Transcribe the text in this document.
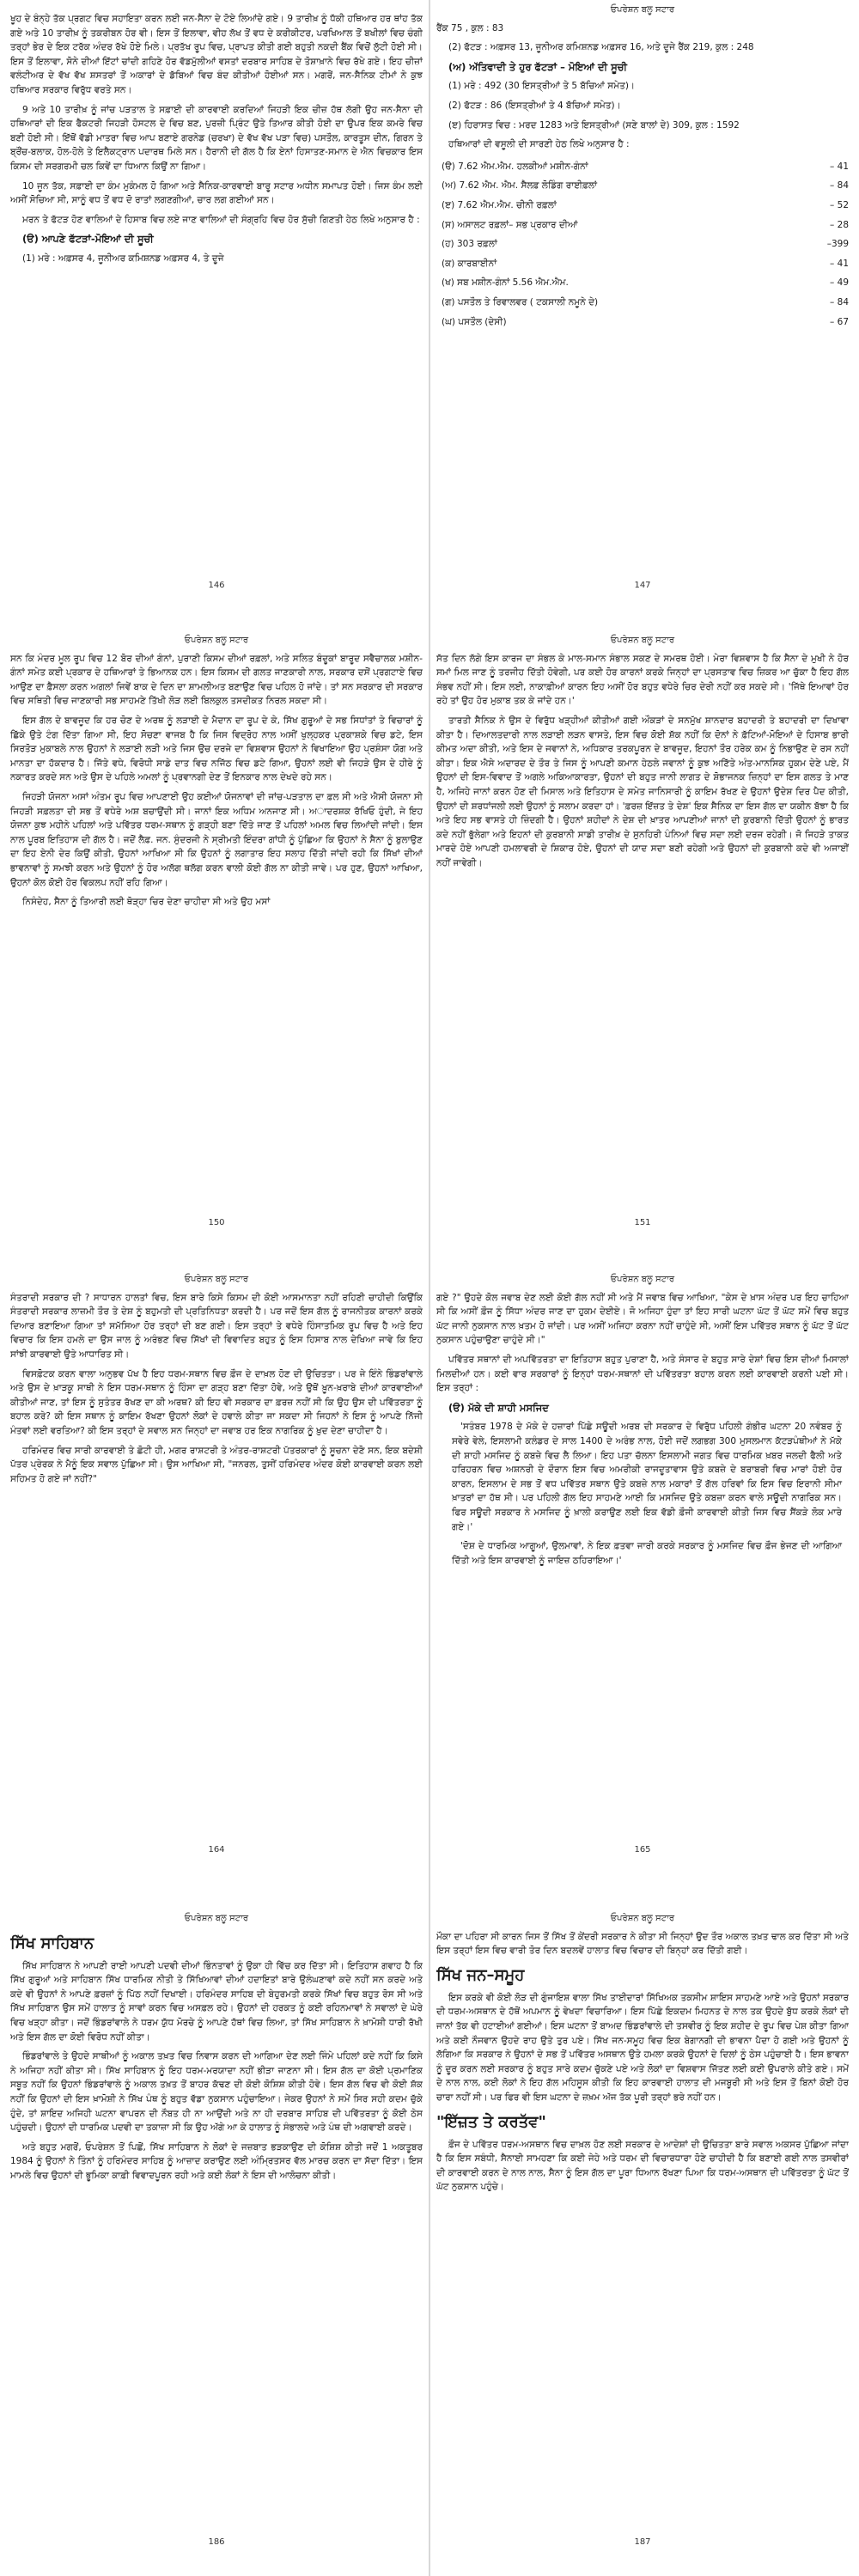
ਖੂਹ ਦੇ ਬੰਨ੍ਹੇ ਤੱਕ ਪ੍ਰਗਟ ਵਿਚ ਸਹਾਇਤਾ ਕਰਨ ਲਈ ਜਨ-ਸੈਨਾ ਦੇ ਟੋਏ ਲਿਆਂਦੇ ਗਏ। 9 ਤਾਰੀਖ਼ ਨੂੰ ਧੱਕੀ ਹਥਿਆਰ ਹਰ ਥਾਂਹ ਤੱਕ ਗਏ ਅਤੇ 10 ਤਾਰੀਖ਼ ਨੂੰ ਤਕਰੀਬਨ ਹੋਰ ਵੀ। ਇਸ ਤੋਂ ਇਲਾਵਾ, ਵੀਹ ਲੱਖ ਤੋਂ ਵਧ ਦੇ ਕਰੀਕੀਟਰ, ਪਰਖਿਆਲ ਤੋਂ ਬਖੀਲਾਂ ਵਿਚ ਚੰਗੀ ਤਰ੍ਹਾਂ ਭੇਰ ਦੇ ਇਕ ਟਰੱਕ ਅੰਦਰ ਰੱਖੇ ਹੋਏ ਮਿਲੇ। ਪ੍ਰਤੱਖ ਰੂਪ ਵਿਚ, ਪ੍ਰਾਪਤ ਕੀਤੀ ਗਈ ਬਹੁਤੀ ਨਕਦੀ ਬੈਂਕ ਵਿਚੋਂ ਲੁੱਟੀ ਹੋਈ ਸੀ। ਇਸ ਤੋਂ ਇਲਾਵਾ, ਸੋਨੇ ਦੀਆਂ ਇੱਟਾਂ ਚਾਂਦੀ ਗਹਿਣੇ ਹੋਰ ਵੱਡਮੁੱਲੀਆਂ ਵਸਤਾਂ ਦਰਬਾਰ ਸਾਹਿਬ ਦੇ ਤੋਸ਼ਾਖ਼ਾਨੇ ਵਿਚ ਰੱਖੇ ਗਏ। ਇਹ ਚੀਜ਼ਾਂ ਵਲੰਟੀਅਰ ਦੇ ਵੱਖ ਵੱਖ ਸ਼ਸਤਰਾਂ ਤੋਂ ਅਕਾਰਾਂ ਦੇ ਡੱਬਿਆਂ ਵਿਚ ਬੰਦ ਕੀਤੀਆਂ ਹੋਈਆਂ ਸਨ। ਮਗਰੋਂ, ਜਨ-ਸੈਨਿਕ ਟੀਮਾਂ ਨੇ ਕੁਝ ਹਥਿਆਰ ਸਰਕਾਰ ਵਿਰੁੱਧ ਵਰਤੇ ਸਨ।

9 ਅਤੇ 10 ਤਾਰੀਖ਼ ਨੂੰ ਜਾਂਚ ਪੜਤਾਲ ਤੇ ਸਫ਼ਾਈ ਦੀ ਕਾਰਵਾਈ ਕਰਦਿਆਂ ਜਿਹੜੀ ਇਕ ਚੀਜ਼ ਹੱਥ ਲੱਗੀ ਉਹ ਜਨ-ਸੈਨਾ ਦੀ ਹਥਿਆਰਾਂ ਦੀ ਇਕ ਫੈਕਟਰੀ ਜਿਹੜੀ ਹੋਸਟਲ ਦੇ ਵਿਚ ਬਣ, ਪੁਰਜ਼ੀ ਪ੍ਰਿੰਟ ਉਤੇ ਤਿਆਰ ਕੀਤੀ ਹੋਈ ਦਾ ਉਪਰ ਇਕ ਕਮਰੇ ਵਿਚ ਬਣੀ ਹੋਈ ਸੀ। ਇੱਥੋਂ ਵੱਡੀ ਮਾਤਰਾ ਵਿਚ ਆਪ ਬਣਾਏ ਗਰਨੇਡ (ਚਰਖਾ) ਦੇ ਵੱਖ ਵੱਖ ਪੜਾ ਵਿਚ) ਪਸਤੌਲ, ਕਾਰਤੂਸ ਦੀਨ, ਗਿਰਨ ਤੇ ਬ੍ਰੌਂਚ-ਬਲਾਕ, ਹੋਲ-ਹੋਲੇ ਤੇ ਇਲੈਕਟ੍ਰਾਨ ਪਦਾਰਥ ਮਿਲੇ ਸਨ। ਹੈਰਾਨੀ ਦੀ ਗੱਲ ਹੈ ਕਿ ਏਨਾਂ ਹਿਸਾਤਣ-ਸਮਾਨ ਦੇ ਐਨ ਵਿਚਕਾਰ ਇਸ ਕਿਸਮ ਦੀ ਸਰਗਰਮੀ ਚਲ ਕਿਵੇਂ ਦਾ ਧਿਆਨ ਕਿਉਂ ਨਾ ਗਿਆ।

10 ਜੂਨ ਤੱਕ, ਸਫ਼ਾਈ ਦਾ ਕੰਮ ਮੁਕੰਮਲ ਹੋ ਗਿਆ ਅਤੇ ਸੈਨਿਕ-ਕਾਰਵਾਈ ਬਾਰੂ ਸਟਾਰ ਅਧੀਨ ਸਮਾਪਤ ਹੋਈ। ਜਿਸ ਕੰਮ ਲਈ ਅਸੀਂ ਸੋਚਿਆ ਸੀ, ਸਾਨੂੰ ਵਧ ਤੋਂ ਵਧ ਦੋ ਰਾਤਾਂ ਲਗਣਗੀਆਂ, ਚਾਰ ਲਗ ਗਈਆਂ ਸਨ।

ਮਰਨ ਤੇ ਫੱਟੜ ਹੋਣ ਵਾਲਿਆਂ ਦੇ ਹਿਸਾਬ ਵਿਚ ਲਏ ਜਾਣ ਵਾਲਿਆਂ ਦੀ ਸੰਗ੍ਰਹਿ ਵਿਚ ਹੋਰ ਸੁੱਚੀ ਗਿਣਤੀ ਹੇਠ ਲਿਖੇ ਅਨੁਸਾਰ ਹੈ :

(ੳ) ਆਪਣੇ ਫੱਟੜਾਂ-ਮੋਇਆਂ ਦੀ ਸੂਚੀ

(1) ਮਰੇ : ਅਫ਼ਸਰ 4, ਜੂਨੀਅਰ ਕਮਿਸ਼ਨਡ ਅਫ਼ਸਰ 4, ਤੇ ਦੂਜੇ

146
ਓਪਰੇਸ਼ਨ ਬਲੂ ਸਟਾਰ

ਰੈਂਕ 75 , ਕੁਲ : 83

(2) ਫੱਟੜ : ਅਫ਼ਸਰ 13, ਜੂਨੀਅਰ ਕਮਿਸ਼ਨਡ ਅਫ਼ਸਰ 16, ਅਤੇ ਦੂਜੇ ਰੈਂਕ 219, ਕੁਲ : 248

(ਅ) ਅੱਤਿਵਾਦੀ ਤੇ ਹੁਰ ਫੱਟੜਾਂ – ਮੋਇਆਂ ਦੀ ਸੂਚੀ

(1) ਮਰੇ : 492 (30 ਇਸਤ੍ਰੀਆਂ ਤੇ 5 ਬੱਚਿਆਂ ਸਮੇਤ)।

(2) ਫੱਟੜ : 86 (ਇਸਤ੍ਰੀਆਂ ਤੇ 4 ਬੱਚਿਆਂ ਸਮੇਤ)।

(ੲ) ਹਿਰਾਸਤ ਵਿਚ : ਮਰਦ 1283 ਅਤੇ ਇਸਤ੍ਰੀਆਂ (ਸਣੇ ਬਾਲਾਂ ਦੇ) 309, ਕੁਲ : 1592

ਹਥਿਆਰਾਂ ਦੀ ਵਸੂਲੀ ਦੀ ਸਾਰਣੀ ਹੇਠ ਲਿਖੇ ਅਨੁਸਾਰ ਹੈ :

(ੳ) 7.62 ਐਮ.ਐਮ. ਹਲਕੀਆਂ ਮਸ਼ੀਨ-ਗੰਨਾਂ	– 41
(ਅ) 7.62 ਐਮ. ਐਮ. ਸੈਲਫ਼ ਲੋਡਿੰਗ ਰਾਈਫ਼ਲਾਂ	– 84
(ੲ) 7.62 ਐਮ.ਐਮ. ਚੀਨੀ ਰਫ਼ਲਾਂ	– 52
(ਸ) ਅਸਾਲਟ ਰਫ਼ਲਾਂ– ਸਭ ਪ੍ਰਕਾਰ ਦੀਆਂ	– 28
(ਹ) 303 ਰਫ਼ਲਾਂ	–399
(ਕ) ਕਾਰਬਾਈਨਾਂ	– 41
(ਖ) ਸਬ ਮਸ਼ੀਨ-ਗੰਨਾਂ 5.56 ਐਮ.ਐਮ.	– 49
(ਗ) ਪਸਤੌਲ ਤੇ ਰਿਵਾਲਵਰ ( ਟਕਸਾਲੀ ਨਮੂਨੇ ਦੇ)	– 84
(ਘ) ਪਸਤੌਲ (ਦੇਸੀ)	– 67
147
ਓਪਰੇਸ਼ਨ ਬਲੂ ਸਟਾਰ

ਸਨ ਕਿ ਮੰਦਰ ਮੂਲ ਰੂਪ ਵਿਚ 12 ਬੋਰ ਦੀਆਂ ਗੰਨਾਂ, ਪੁਰਾਣੀ ਕਿਸਮ ਦੀਆਂ ਰਫ਼ਲਾਂ, ਅਤੇ ਸਲਿਤ ਬੰਦੂਕਾਂ ਬਾਰੂਦ ਸਵੈਚਾਲਕ ਮਸ਼ੀਨ-ਗੰਨਾਂ ਸਮੇਤ ਕਈ ਪ੍ਰਕਾਰ ਦੇ ਹਥਿਆਰਾਂ ਤੇ ਭਿਆਨਕ ਹਨ। ਇਸ ਕਿਸਮ ਦੀ ਗਲਤ ਜਾਣਕਾਰੀ ਨਾਲ, ਸਰਕਾਰ ਦਸੋਂ ਪ੍ਰਗਟਾਏ ਵਿਚ ਆਉਣ ਦਾ ਫ਼ੈਸਲਾ ਕਰਨ ਅਗਲਾਂ ਜਿਵੇਂ ਬਾਕ ਦੇ ਦਿਨ ਦਾ ਸ਼ਾਮਲੀਅਤ ਬਣਾਉਣ ਵਿਚ ਪਹਿਲ ਹੋ ਜਾਂਦੇ। ਤਾਂ ਸਨ ਸਰਕਾਰ ਦੀ ਸਰਕਾਰ ਵਿਚ ਸਥਿਤੀ ਵਿਚ ਜਾਣਕਾਰੀ ਸਭ ਸਾਹਮਣੇ ਤਿੱਖੀ ਲੋੜ ਲਈ ਬਿਲਕੁਲ ਤਸਦੀਕਤ ਨਿਰਲ ਸਕਦਾ ਸੀ।

ਇਸ ਗੱਲ ਦੇ ਬਾਵਜੂਦ ਕਿ ਹਰ ਚੋਣ ਦੇ ਅਰਥ ਨੂੰ ਲੜਾਈ ਦੇ ਮੈਦਾਨ ਦਾ ਰੂਪ ਦੇ ਕੇ, ਸਿੱਖ ਗੁਰੂਆਂ ਦੇ ਸਭ ਸਿਧਾਂਤਾਂ ਤੇ ਵਿਚਾਰਾਂ ਨੂੰ ਛਿੱਕੇ ਉਤੇ ਟੰਗ ਦਿੱਤਾ ਗਿਆ ਸੀ, ਇਹ ਸੋਚਣਾ ਵਾਜਬ ਹੈ ਕਿ ਜਿਸ ਵਿਦ੍ਰੋਹ ਨਾਲ ਅਸੀਂ ਖੁਲ੍ਹਕਰ ਪ੍ਰਕਾਸ਼ਕੇ ਵਿਚ ਡਟੇ, ਇਸ ਸਿਰਤੋੜ ਮੁਕਾਬਲੇ ਨਾਲ ਉਹਨਾਂ ਨੇ ਲੜਾਈ ਲੜੀ ਅਤੇ ਜਿਸ ਉਚ ਦਰਜੇ ਦਾ ਵਿਸ਼ਵਾਸ ਉਹਨਾਂ ਨੇ ਵਿਖਾਇਆ ਉਹ ਪ੍ਰਸ਼ੰਸਾ ਯੋਗ ਅਤੇ ਮਾਨਤਾ ਦਾ ਹੱਕਦਾਰ ਹੈ। ਜਿੱਤੇ ਵਧੇ, ਵਿਰੋਧੀ ਸਾਡੇ ਦਾਤ ਵਿਚ ਨਜਿੱਠ ਵਿਚ ਡਟੇ ਗਿਆ, ਉਹਨਾਂ ਲਈ ਵੀ ਜਿਹੜੇ ਉਸ ਦੇ ਹੀਰੇ ਨੂੰ ਨਕਾਰਤ ਕਰਦੇ ਸਨ ਅਤੇ ਉਸ ਦੇ ਪਹਿਲੇ ਅਮਲਾਂ ਨੂੰ ਪ੍ਰਵਾਨਗੀ ਦੇਣ ਤੋਂ ਇਨਕਾਰ ਨਾਲ ਦੇਖਦੇ ਰਹੇ ਸਨ।

ਜਿਹੜੀ ਯੋਜਨਾ ਅਸਾਂ ਅੰਤਮ ਰੂਪ ਵਿਚ ਆਪਣਾਈ ਉਹ ਕਈਆਂ ਯੋਜਨਾਵਾਂ ਦੀ ਜਾਂਚ-ਪੜਤਾਲ ਦਾ ਫ਼ਲ ਸੀ ਅਤੇ ਐਸੀ ਯੋਜਨਾ ਸੀ ਜਿਹੜੀ ਸਫ਼ਲਤਾ ਦੀ ਸਭ ਤੋਂ ਵਧੇਰੇ ਅਸ਼ ਬਚਾਉਂਦੀ ਸੀ। ਜਾਨਾਂ ਇਕ ਅਧਿਮ ਅਨਜਾਣ ਸੀ। ਅਾਦਰਸ਼ਕ ਰੱਖਿਓ ਹੁੰਦੀ, ਜੇ ਇਹ ਯੋਜਨਾ ਕੁਝ ਮਹੀਨੇ ਪਹਿਲਾਂ ਅਤੇ ਪਵਿੱਤਰ ਧਰਮ-ਸਥਾਨ ਨੂੰ ਗੜ੍ਹੀ ਬਣਾ ਦਿੱਤੇ ਜਾਣ ਤੋਂ ਪਹਿਲਾਂ ਅਮਲ ਵਿਚ ਲਿਆਂਦੀ ਜਾਂਦੀ। ਇਸ ਨਾਲ ਪੂਰਬ ਇਤਿਹਾਸ ਦੀ ਗੱਲ ਹੈ। ਜਦੋਂ ਲੈਫ਼. ਜਨ. ਸੁੰਦਰਜੀ ਨੇ ਸ੍ਰੀਮਤੀ ਇੰਦਰਾ ਗਾਂਧੀ ਨੂੰ ਪੁੱਛਿਆ ਕਿ ਉਹਨਾਂ ਨੇ ਸੈਨਾ ਨੂੰ ਬੁਲਾਉਣ ਦਾ ਇਹ ਏਨੀ ਦੇਰ ਕਿਉਂ ਕੀਤੀ, ਉਹਨਾਂ ਆਖਿਆ ਸੀ ਕਿ ਉਹਨਾਂ ਨੂੰ ਲਗਾਤਾਰ ਇਹ ਸਲਾਹ ਦਿੱਤੀ ਜਾਂਦੀ ਰਹੀ ਕਿ ਸਿੱਖਾਂ ਦੀਆਂ ਭਾਵਨਾਵਾਂ ਨੂੰ ਸਮਝੀ ਕਰਨ ਅਤੇ ਉਹਨਾਂ ਨੂੰ ਹੋਰ ਅਲੱਗ ਥਲੱਗ ਕਰਨ ਵਾਲੀ ਕੋਈ ਗੱਲ ਨਾ ਕੀਤੀ ਜਾਵੇ। ਪਰ ਹੁਣ, ਉਹਨਾਂ ਆਖਿਆ, ਉਹਨਾਂ ਕੋਲ ਕੋਈ ਹੋਰ ਵਿਕਲਪ ਨਹੀਂ ਰਹਿ ਗਿਆ।

ਨਿਸੰਦੇਹ, ਸੈਨਾ ਨੂੰ ਤਿਆਰੀ ਲਈ ਥੋੜ੍ਹਾ ਚਿਰ ਦੇਣਾ ਚਾਹੀਦਾ ਸੀ ਅਤੇ ਉਹ ਮਸਾਂ

150
ਓਪਰੇਸ਼ਨ ਬਲੂ ਸਟਾਰ

ਸੱਤ ਦਿਨ ਲੱਗੇ ਇਸ ਕਾਰਜ ਦਾ ਸੰਭਲ ਕੇ ਮਾਲ-ਸਮਾਨ ਸੰਭਾਲ ਸਕਣ ਦੇ ਸਮਰਥ ਹੋਈ। ਮੇਰਾ ਵਿਸ਼ਵਾਸ ਹੈ ਕਿ ਸੈਨਾ ਦੇ ਮੁਖੀ ਨੇ ਹੋਰ ਸਮਾਂ ਮਿਲ ਜਾਣ ਨੂੰ ਤਰਜੀਹ ਦਿੱਤੀ ਹੋਵੇਗੀ, ਪਰ ਕਈ ਹੋਰ ਕਾਰਨਾਂ ਕਰਕੇ ਜਿਨ੍ਹਾਂ ਦਾ ਪ੍ਰਸਤਾਵ ਵਿਚ ਜ਼ਿਕਰ ਆ ਚੁੱਕਾ ਹੈ ਇਹ ਗੱਲ ਸੰਭਵ ਨਹੀਂ ਸੀ। ਇਸ ਲਈ, ਨਾਕਾਫ਼ੀਆਂ ਕਾਰਨ ਇਹ ਅਸੀਂ ਹੋਰ ਬਹੁਤ ਵਧੇਰੇ ਚਿਰ ਦੇਰੀ ਨਹੀਂ ਕਰ ਸਕਦੇ ਸੀ। 'ਜਿੱਥੇ ਇਆਵਾਂ ਹੋਰ ਰਹੇ ਤਾਂ ਉਹ ਹੋਰ ਮੁਕਾਬ ਤਕ ਕੇ ਜਾਂਦੇ ਹਨ।'

ਤਾਰਤੀ ਸੈਨਿਕ ਨੇ ਉਸ ਦੇ ਵਿਰੁੱਧ ਖੜ੍ਹੀਆਂ ਕੀਤੀਆਂ ਗਈ ਔਕੜਾਂ ਦੇ ਸਨਮੁੱਖ ਸ਼ਾਨਦਾਰ ਬਹਾਦਰੀ ਤੇ ਬਹਾਦਰੀ ਦਾ ਦਿਖਾਵਾ ਕੀਤਾ ਹੈ। ਦਿਆਲਤਦਾਰੀ ਨਾਲ ਲੜਾਈ ਲੜਨ ਵਾਸਤੇ, ਇਸ ਵਿਚ ਕੋਈ ਸ਼ੱਕ ਨਹੀਂ ਕਿ ਦੋਨਾਂ ਨੇ ਫ਼ੱਟਿਆਂ-ਮੋਇਆਂ ਦੇ ਹਿਸਾਬ ਭਾਰੀ ਕੀਮਤ ਅਦਾ ਕੀਤੀ, ਅਤੇ ਇਸ ਦੇ ਜਵਾਨਾਂ ਨੇ, ਅਧਿਕਾਰ ਤਰਕਪੂਰਨ ਦੇ ਬਾਵਜੂਦ, ਇਹਨਾਂ ਤੌਰ ਹਰੇਕ ਕਮ ਨੂੰ ਨਿਭਾਉਣ ਦੇ ਰਸ ਨਹੀਂ ਕੀਤਾ। ਇਕ ਐਸੇ ਅਦਾਰਦ ਦੇ ਤੌਰ ਤੇ ਜਿਸ ਨੂੰ ਆਪਣੀ ਕਮਾਨ ਹੇਠਲੇ ਜਵਾਨਾਂ ਨੂੰ ਕੁਝ ਅਣਿੱਤੇ ਅੰਤ-ਮਾਨਸਿਕ ਹੁਕਮ ਦੇਣੇ ਪਏ, ਮੈਂ ਉਹਨਾਂ ਦੀ ਇਸ-ਵਿਵਾਦ ਤੋਂ ਅਗਲੇ ਅਕਿਆਕਾਰਤਾ, ਉਹਨਾਂ ਦੀ ਬਹੁਤ ਜਾਨੀ ਲਾਗਤ ਦੇ ਸ਼ੋਭਾਜਨਕ ਜ਼ਿਨ੍ਹਾਂ ਦਾ ਇਸ ਗਲਤ ਤੇ ਮਾਣ ਹੈ, ਅਜਿਹੇ ਜਾਨਾਂ ਕਰਨ ਹੋਣ ਦੀ ਮਿਸਾਲ ਅਤੇ ਇਤਿਹਾਸ ਦੇ ਸਮੇਤ ਜਾਨਿਸਾਰੀ ਨੂੰ ਕਾਇਮ ਰੱਖਣ ਦੇ ਉਹਨਾਂ ਉਦੇਸ਼ ਦਿਰ ਪੈਦ ਕੀਤੀ, ਉਹਨਾਂ ਦੀ ਸ਼ਰਧਾਂਜਲੀ ਲਈ ਉਹਨਾਂ ਨੂੰ ਸਲਾਮ ਕਰਦਾ ਹਾਂ। 'ਫ਼ਰਜ਼ ਇੱਜ਼ਤ ਤੇ ਦੇਸ਼' ਇਕ ਸੈਨਿਕ ਦਾ ਇਸ ਗੱਲ ਦਾ ਯਕੀਨ ਬੱਝਾ ਹੈ ਕਿ ਅਤੇ ਇਹ ਸਭ ਵਾਸਤੇ ਹੀ ਜ਼ਿੰਦਗੀ ਹੈ। ਉਹਨਾਂ ਸ਼ਹੀਦਾਂ ਨੇ ਦੇਸ਼ ਦੀ ਖ਼ਾਤਰ ਆਪਣੀਆਂ ਜਾਨਾਂ ਦੀ ਕੁਰਬਾਨੀ ਦਿੱਤੀ ਉਹਨਾਂ ਨੂੰ ਭਾਰਤ ਕਦੇ ਨਹੀਂ ਭੁੱਲੇਗਾ ਅਤੇ ਇਹਨਾਂ ਦੀ ਕੁਰਬਾਨੀ ਸਾਡੀ ਤਾਰੀਖ਼ ਦੇ ਸੁਨਹਿਰੀ ਪੰਨਿਆਂ ਵਿਚ ਸਦਾ ਲਈ ਦਰਜ ਰਹੇਗੀ। ਜੋ ਜਿਹੜੇ ਤਾਕਤ ਮਾਰਦੇ ਹੋਏ ਆਪਣੀ ਹਮਲਾਵਰੀ ਦੇ ਸ਼ਿਕਾਰ ਹੋਏ, ਉਹਨਾਂ ਦੀ ਯਾਦ ਸਦਾ ਬਣੀ ਰਹੇਗੀ ਅਤੇ ਉਹਨਾਂ ਦੀ ਕੁਰਬਾਨੀ ਕਦੇ ਵੀ ਅਜਾਈਂ ਨਹੀਂ ਜਾਵੇਗੀ।

151
ਓਪਰੇਸ਼ਨ ਬਲੂ ਸਟਾਰ

ਸੰਤਰਾਦੀ ਸਰਕਾਰ ਦੀ ? ਸਾਧਾਰਨ ਹਾਲਤਾਂ ਵਿਚ, ਇਸ ਬਾਰੇ ਕਿਸੇ ਕਿਸਮ ਦੀ ਕੋਈ ਆਸਮਾਨਤਾ ਨਹੀਂ ਰਹਿਣੀ ਚਾਹੀਦੀ ਕਿਉਂਕਿ ਸੰਤਰਾਦੀ ਸਰਕਾਰ ਲਾਜ਼ਮੀ ਤੌਰ ਤੇ ਦੇਸ਼ ਨੂੰ ਬਹੁਮਤੀ ਦੀ ਪ੍ਰਤਿਨਿਧਤਾ ਕਰਦੀ ਹੈ। ਪਰ ਜਦੋਂ ਇਸ ਗੱਲ ਨੂੰ ਰਾਜਨੀਤਕ ਕਾਰਨਾਂ ਕਰਕੇ ਦਿਆਰ ਬਣਾਇਆ ਗਿਆ ਤਾਂ ਸਮੱਸਿਆ ਹੋਰ ਤਰ੍ਹਾਂ ਦੀ ਬਣ ਗਈ। ਇਸ ਤਰ੍ਹਾਂ ਤੇ ਵਧੇਰੇ ਹਿੰਸਾਤਮਿਕ ਰੂਪ ਵਿਚ ਹੈ ਅਤੇ ਇਹ ਵਿਚਾਰ ਕਿ ਇਸ ਹਮਲੇ ਦਾ ਉਸ ਜਾਲ ਨੂੰ ਅਰੰਭਣ ਵਿਚ ਸਿੱਖਾਂ ਦੀ ਵਿਵਾਦਿਤ ਬਹੁਤ ਨੂੰ ਇਸ ਹਿਸਾਬ ਨਾਲ ਦੇਖਿਆ ਜਾਵੇ ਕਿ ਇਹ ਸਾਂਝੀ ਕਾਰਵਾਈ ਉਤੇ ਆਧਾਰਿਤ ਸੀ।

ਵਿਸਫ਼ੋਟਕ ਕਰਨ ਵਾਲਾ ਅਨੁਭਵ ਪੱਖ ਹੈ ਇਹ ਧਰਮ-ਸਥਾਨ ਵਿਚ ਫ਼ੌਜ ਦੇ ਦਾਖ਼ਲ ਹੋਣ ਦੀ ਉਚਿਤਤਾ। ਪਰ ਜੇ ਇੰਨੇ ਭਿੰਡਰਾਂਵਾਲੇ ਅਤੇ ਉਸ ਦੇ ਖ਼ਾੜਕੂ ਸਾਥੀ ਨੇ ਇਸ ਧਰਮ-ਸਥਾਨ ਨੂੰ ਹਿੰਸਾ ਦਾ ਗੜ੍ਹ ਬਣਾ ਦਿੱਤਾ ਹੋਵੇ, ਅਤੇ ਉਥੋਂ ਖ਼ੂਨ-ਖ਼ਰਾਬੇ ਦੀਆਂ ਕਾਰਵਾਈਆਂ ਕੀਤੀਆਂ ਜਾਣ, ਤਾਂ ਇਸ ਨੂੰ ਸੁਤੰਤਰ ਰੱਖਣ ਦਾ ਕੀ ਅਰਥ? ਕੀ ਇਹ ਵੀ ਸਰਕਾਰ ਦਾ ਫ਼ਰਜ਼ ਨਹੀਂ ਸੀ ਕਿ ਉਹ ਉਸ ਦੀ ਪਵਿੱਤਰਤਾ ਨੂੰ ਬਹਾਲ ਕਰੇ? ਕੀ ਇਸ ਸਥਾਨ ਨੂੰ ਕਾਇਮ ਰੱਖਣਾ ਉਹਨਾਂ ਲੋਕਾਂ ਦੇ ਹਵਾਲੇ ਕੀਤਾ ਜਾ ਸਕਦਾ ਸੀ ਜਿਹਨਾਂ ਨੇ ਇਸ ਨੂੰ ਆਪਣੇ ਨਿੱਜੀ ਮੰਤਵਾਂ ਲਈ ਵਰਤਿਆ? ਕੀ ਇਸ ਤਰ੍ਹਾਂ ਦੇ ਸਵਾਲ ਸਨ ਜਿਨ੍ਹਾਂ ਦਾ ਜਵਾਬ ਹਰ ਇਕ ਨਾਗਰਿਕ ਨੂੰ ਖ਼ੁਦ ਦੇਣਾ ਚਾਹੀਦਾ ਹੈ।

ਹਰਿਮੰਦਰ ਵਿਚ ਸਾਰੀ ਕਾਰਵਾਈ ਤੇ ਛੋਟੀ ਹੀ, ਮਗਰ ਰਾਸ਼ਟਰੀ ਤੇ ਅੰਤਰ-ਰਾਸ਼ਟਰੀ ਪੱਤਰਕਾਰਾਂ ਨੂੰ ਸੂਚਨਾ ਦੇਣੋ ਸਨ, ਇਕ ਬਦੇਸ਼ੀ ਪੱਤਰ ਪ੍ਰੇਰਕ ਨੇ ਮੈਨੂੰ ਇਕ ਸਵਾਲ ਪੁੱਛਿਆ ਸੀ। ਉਸ ਆਖਿਆ ਸੀ, "ਜਨਰਲ, ਤੁਸੀਂ ਹਰਿਮੰਦਰ ਅੰਦਰ ਕੋਈ ਕਾਰਵਾਈ ਕਰਨ ਲਈ ਸਹਿਮਤ ਹੋ ਗਏ ਜਾਂ ਨਹੀਂ?"

164
ਓਪਰੇਸ਼ਨ ਬਲੂ ਸਟਾਰ

ਗਏ ?" ਉਹਦੇ ਕੋਲ ਜਵਾਬ ਦੇਣ ਲਈ ਕੋਈ ਗੱਲ ਨਹੀਂ ਸੀ ਅਤੇ ਮੈਂ ਜਵਾਬ ਵਿਚ ਆਖਿਆ, "ਕੇਸ ਦੇ ਖ਼ਾਸ ਅੰਦਰ ਪਰ ਇਹ ਚਾਹਿਆ ਸੀ ਕਿ ਅਸੀਂ ਫ਼ੌਜ ਨੂੰ ਸਿੱਧਾ ਅੰਦਰ ਜਾਣ ਦਾ ਹੁਕਮ ਦੇਈਏ। ਜੋ ਅਜਿਹਾ ਹੁੰਦਾ ਤਾਂ ਇਹ ਸਾਰੀ ਘਟਨਾ ਘੱਟ ਤੋਂ ਘੱਟ ਸਮੇਂ ਵਿਚ ਬਹੁਤ ਘੱਟ ਜਾਨੀ ਨੁਕਸਾਨ ਨਾਲ ਖ਼ਤਮ ਹੋ ਜਾਂਦੀ। ਪਰ ਅਸੀਂ ਅਜਿਹਾ ਕਰਨਾ ਨਹੀਂ ਚਾਹੁੰਦੇ ਸੀ, ਅਸੀਂ ਇਸ ਪਵਿੱਤਰ ਸਥਾਨ ਨੂੰ ਘੱਟ ਤੋਂ ਘੱਟ ਨੁਕਸਾਨ ਪਹੁੰਚਾਉਣਾ ਚਾਹੁੰਦੇ ਸੀ।"

ਪਵਿੱਤਰ ਸਥਾਨਾਂ ਦੀ ਅਪਵਿੱਤਰਤਾ ਦਾ ਇਤਿਹਾਸ ਬਹੁਤ ਪੁਰਾਣਾ ਹੈ, ਅਤੇ ਸੰਸਾਰ ਦੇ ਬਹੁਤ ਸਾਰੇ ਦੇਸ਼ਾਂ ਵਿਚ ਇਸ ਦੀਆਂ ਮਿਸਾਲਾਂ ਮਿਲਦੀਆਂ ਹਨ। ਕਈ ਵਾਰ ਸਰਕਾਰਾਂ ਨੂੰ ਇਨ੍ਹਾਂ ਧਰਮ-ਸਥਾਨਾਂ ਦੀ ਪਵਿੱਤਰਤਾ ਬਹਾਲ ਕਰਨ ਲਈ ਕਾਰਵਾਈ ਕਰਨੀ ਪਈ ਸੀ। ਇਸ ਤਰ੍ਹਾਂ :

(ੳ) ਮੱਕੇ ਦੀ ਸ਼ਾਹੀ ਮਸਜਿਦ

'ਸਤੰਬਰ 1978 ਦੇ ਮੱਕੇ ਦੇ ਹਜ਼ਾਰਾਂ ਪਿੱਛੇ ਸਊਦੀ ਅਰਬ ਦੀ ਸਰਕਾਰ ਦੇ ਵਿਰੁੱਧ ਪਹਿਲੀ ਗੰਭੀਰ ਘਟਨਾ 20 ਨਵੰਬਰ ਨੂੰ ਸਵੇਰੇ ਵੇਲੇ, ਇਸਲਾਮੀ ਕਲੰਡਰ ਦੇ ਸਾਲ 1400 ਦੇ ਅਰੰਭ ਨਾਲ, ਹੋਈ ਜਦੋਂ ਲਗਭਗ 300 ਮੁਸਲਮਾਨ ਕੱਟੜਪੰਥੀਆਂ ਨੇ ਮੱਕੇ ਦੀ ਸ਼ਾਹੀ ਮਸਜਿਦ ਨੂੰ ਕਬਜ਼ੇ ਵਿਚ ਲੈ ਲਿਆ। ਇਹ ਪਤਾ ਚੱਲਨਾ ਇਸਲਾਮੀ ਜਗਤ ਵਿਚ ਧਾਰਮਿਕ ਖ਼ਬਰ ਜਲਦੀ ਫੈਲੀ ਅਤੇ ਹਰਿਹਰਨ ਵਿਚ ਅਸ਼ਨਰੀ ਦੇ ਦੌਰਾਨ ਇਸ ਵਿਚ ਅਮਰੀਕੀ ਰਾਜਦੂਤਾਵਾਸ ਉਤੇ ਕਬਜ਼ੇ ਦੇ ਬਰਾਬਰੀ ਵਿਚ ਮਾਰਾਂ ਹੋਈ ਹੋਰ ਕਾਰਨ, ਇਸਲਾਮ ਦੇ ਸਭ ਤੋਂ ਵਧ ਪਵਿੱਤਰ ਸਥਾਨ ਉਤੇ ਕਬਜ਼ੇ ਨਾਲ ਮਕਾਰਾਂ ਤੋਂ ਗੱਲ ਹਰਿਵਾਂ ਕਿ ਇਸ ਵਿਚ ਇਰਾਨੀ ਸੀਮਾ ਖ਼ਾਤਰਾਂ ਦਾ ਹੱਥ ਸੀ। ਪਰ ਪਹਿਲੀ ਗੱਲ ਇਹ ਸਾਹਮਣੇ ਆਈ ਕਿ ਮਸਜਿਦ ਉਤੇ ਕਬਜ਼ਾ ਕਰਨ ਵਾਲੇ ਸਊਦੀ ਨਾਗਰਿਕ ਸਨ। ਫਿਰ ਸਊਦੀ ਸਰਕਾਰ ਨੇ ਮਸਜਿਦ ਨੂੰ ਖ਼ਾਲੀ ਕਰਾਉਣ ਲਈ ਇਕ ਵੱਡੀ ਫ਼ੌਜੀ ਕਾਰਵਾਈ ਕੀਤੀ ਜਿਸ ਵਿਚ ਸੈਂਕੜੇ ਲੋਕ ਮਾਰੇ ਗਏ।'

'ਦੋਸ਼ ਦੇ ਧਾਰਮਿਕ ਆਗੂਆਂ, ਉਲਮਾਵਾਂ, ਨੇ ਇਕ ਫ਼ਤਵਾ ਜਾਰੀ ਕਰਕੇ ਸਰਕਾਰ ਨੂੰ ਮਸਜਿਦ ਵਿਚ ਫ਼ੌਜ ਭੇਜਣ ਦੀ ਆਗਿਆ ਦਿੱਤੀ ਅਤੇ ਇਸ ਕਾਰਵਾਈ ਨੂੰ ਜਾਇਜ਼ ਠਹਿਰਾਇਆ।'

165
ਓਪਰੇਸ਼ਨ ਬਲੂ ਸਟਾਰ
ਸਿੱਖ ਸਾਹਿਬਾਨ

ਸਿੱਖ ਸਾਹਿਬਾਨ ਨੇ ਆਪਣੀ ਰਾਈ ਆਪਣੀ ਪਦਵੀ ਦੀਆਂ ਭਿੰਨਤਾਵਾਂ ਨੂੰ ਉਕਾ ਹੀ ਵਿੱਚ ਕਰ ਦਿੱਤਾ ਸੀ। ਇਤਿਹਾਸ ਗਵਾਹ ਹੈ ਕਿ ਸਿੱਖ ਗੁਰੂਆਂ ਅਤੇ ਸਾਹਿਬਾਨ ਸਿੱਖ ਧਾਰਮਿਕ ਨੀਤੀ ਤੇ ਸਿੱਖਿਆਵਾਂ ਦੀਆਂ ਹਦਾਇਤਾਂ ਬਾਰੇ ਉਲੰਘਣਾਵਾਂ ਕਦੇ ਨਹੀਂ ਸਨ ਕਰਦੇ ਅਤੇ ਕਦੇ ਵੀ ਉਹਨਾਂ ਨੇ ਆਪਣੇ ਫ਼ਰਜ਼ਾਂ ਨੂੰ ਪਿੱਠ ਨਹੀਂ ਦਿਖਾਈ। ਹਰਿਮੰਦਰ ਸਾਹਿਬ ਦੀ ਬੇਹੁਰਮਤੀ ਕਰਕੇ ਸਿੱਖਾਂ ਵਿਚ ਬਹੁਤ ਰੋਸ ਸੀ ਅਤੇ ਸਿੱਖ ਸਾਹਿਬਾਨ ਉਸ ਸਮੇਂ ਹਾਲਾਤ ਨੂੰ ਸਾਵਾਂ ਕਰਨ ਵਿਚ ਅਸਫ਼ਲ ਰਹੇ। ਉਹਨਾਂ ਦੀ ਹਰਕਤ ਨੂੰ ਕਈ ਰਹਿਨਮਾਵਾਂ ਨੇ ਸਵਾਲਾਂ ਦੇ ਘੇਰੇ ਵਿਚ ਖੜ੍ਹਾ ਕੀਤਾ। ਜਦੋਂ ਭਿੰਡਰਾਂਵਾਲੇ ਨੇ ਧਰਮ ਯੁੱਧ ਮੋਰਚੇ ਨੂੰ ਆਪਣੇ ਹੱਥਾਂ ਵਿਚ ਲਿਆ, ਤਾਂ ਸਿੱਖ ਸਾਹਿਬਾਨ ਨੇ ਖ਼ਾਮੋਸ਼ੀ ਧਾਰੀ ਰੱਖੀ ਅਤੇ ਇਸ ਗੱਲ ਦਾ ਕੋਈ ਵਿਰੋਧ ਨਹੀਂ ਕੀਤਾ।

ਭਿੰਡਰਾਂਵਾਲੇ ਤੇ ਉਹਦੇ ਸਾਥੀਆਂ ਨੂੰ ਅਕਾਲ ਤਖ਼ਤ ਵਿਚ ਨਿਵਾਸ ਕਰਨ ਦੀ ਆਗਿਆ ਦੇਣ ਲਈ ਜਿੰਮੇ ਪਹਿਲਾਂ ਕਦੇ ਨਹੀਂ ਕਿ ਕਿਸੇ ਨੇ ਅਜਿਹਾ ਨਹੀਂ ਕੀਤਾ ਸੀ। ਸਿੱਖ ਸਾਹਿਬਾਨ ਨੂੰ ਇਹ ਧਰਮ-ਮਰਯਾਦਾ ਨਹੀਂ ਭੀੜਾ ਜਾਣਨਾ ਸੀ। ਇਸ ਗੱਲ ਦਾ ਕੋਈ ਪ੍ਰਮਾਣਿਕ ਸਬੂਤ ਨਹੀਂ ਕਿ ਉਹਨਾਂ ਭਿੰਡਰਾਂਵਾਲੇ ਨੂੰ ਅਕਾਲ ਤਖ਼ਤ ਤੋਂ ਬਾਹਰ ਕੱਢਣ ਦੀ ਕੋਈ ਕੋਸ਼ਿਸ਼ ਕੀਤੀ ਹੋਵੇ। ਇਸ ਗੱਲ ਵਿਚ ਵੀ ਕੋਈ ਸ਼ੱਕ ਨਹੀਂ ਕਿ ਉਹਨਾਂ ਦੀ ਇਸ ਖ਼ਾਮੋਸ਼ੀ ਨੇ ਸਿੱਖ ਪੰਥ ਨੂੰ ਬਹੁਤ ਵੱਡਾ ਨੁਕਸਾਨ ਪਹੁੰਚਾਇਆ। ਜੇਕਰ ਉਹਨਾਂ ਨੇ ਸਮੇਂ ਸਿਰ ਸਹੀ ਕਦਮ ਚੁੱਕੇ ਹੁੰਦੇ, ਤਾਂ ਸ਼ਾਇਦ ਅਜਿਹੀ ਘਟਨਾ ਵਾਪਰਨ ਦੀ ਨੌਬਤ ਹੀ ਨਾ ਆਉਂਦੀ ਅਤੇ ਨਾ ਹੀ ਦਰਬਾਰ ਸਾਹਿਬ ਦੀ ਪਵਿੱਤਰਤਾ ਨੂੰ ਕੋਈ ਠੇਸ ਪਹੁੰਚਦੀ। ਉਹਨਾਂ ਦੀ ਧਾਰਮਿਕ ਪਦਵੀ ਦਾ ਤਕਾਜ਼ਾ ਸੀ ਕਿ ਉਹ ਅੱਗੇ ਆ ਕੇ ਹਾਲਾਤ ਨੂੰ ਸੰਭਾਲਦੇ ਅਤੇ ਪੰਥ ਦੀ ਅਗਵਾਈ ਕਰਦੇ।

ਅਤੇ ਬਹੁਤ ਮਗਰੋਂ, ਓਪਰੇਸ਼ਨ ਤੋਂ ਪਿਛੋਂ, ਸਿੱਖ ਸਾਹਿਬਾਨ ਨੇ ਲੋਕਾਂ ਦੇ ਜਜ਼ਬਾਤ ਭੜਕਾਉਣ ਦੀ ਕੋਸ਼ਿਸ਼ ਕੀਤੀ ਜਦੋਂ 1 ਅਕਤੂਬਰ 1984 ਨੂੰ ਉਹਨਾਂ ਨੇ ਤਿੰਨਾਂ ਨੂੰ ਹਰਿਮੰਦਰ ਸਾਹਿਬ ਨੂੰ ਆਜ਼ਾਦ ਕਰਾਉਣ ਲਈ ਅੰਮ੍ਰਿਤਸਰ ਵੱਲ ਮਾਰਚ ਕਰਨ ਦਾ ਸੱਦਾ ਦਿੱਤਾ। ਇਸ ਮਾਮਲੇ ਵਿਚ ਉਹਨਾਂ ਦੀ ਭੂਮਿਕਾ ਕਾਫ਼ੀ ਵਿਵਾਦਪੂਰਨ ਰਹੀ ਅਤੇ ਕਈ ਲੋਕਾਂ ਨੇ ਇਸ ਦੀ ਆਲੋਚਨਾ ਕੀਤੀ।

186
ਓਪਰੇਸ਼ਨ ਬਲੂ ਸਟਾਰ

ਮੌਕਾ ਦਾ ਪਹਿਰਾ ਸੀ ਕਾਰਨ ਜਿਸ ਤੋਂ ਸਿੱਖ ਤੋਂ ਕੇਂਦਰੀ ਸਰਕਾਰ ਨੇ ਕੀਤਾ ਸੀ ਜਿਨ੍ਹਾਂ ਉਦ ਤੌਰ ਅਕਾਲ ਤਖ਼ਤ ਢਾਲ ਕਰ ਦਿੱਤਾ ਸੀ ਅਤੇ ਇਸ ਤਰ੍ਹਾਂ ਇਸ ਵਿਚ ਵਾਰੀ ਤੋਰ ਦਿਨ ਬਦਲਵੇਂ ਹਾਲਾਤ ਵਿਚ ਵਿਚਾਰ ਦੀ ਬਿਨ੍ਹਾਂ ਕਰ ਦਿੱਤੀ ਗਈ।

ਸਿੱਖ ਜਨ–ਸਮੂਹ

ਇਸ ਕਰਕੇ ਵੀ ਕੋਈ ਲੋੜ ਦੀ ਗੁੰਜਾਇਸ਼ ਵਾਲਾ ਸਿੱਖ ਤਾਈਦਾਰਾਂ ਸਿੱਖਿਅਕ ਤਕਸੀਮ ਸ਼ਾਇਸ ਸਾਹਮਣੇ ਆਏ ਅਤੇ ਉਹਨਾਂ ਸਰਕਾਰ ਦੀ ਧਰਮ-ਅਸਥਾਨ ਦੇ ਹੱਥੋਂ ਅਪਮਾਨ ਨੂੰ ਵੇਖਦਾ ਵਿਚਾਰਿਆ। ਇਸ ਪਿੱਛੇ ਇਕਦਮ ਮਿਹਨਤ ਦੇ ਨਾਲ ਤਕ ਉਹਦੇ ਬੁੱਧ ਕਰਕੇ ਲੋਕਾਂ ਦੀ ਜਾਨਾਂ ਤੱਕ ਵੀ ਹਟਾਈਆਂ ਗਈਆਂ। ਇਸ ਘਟਨਾ ਤੋਂ ਬਾਅਦ ਭਿੰਡਰਾਂਵਾਲੇ ਦੀ ਤਸਵੀਰ ਨੂੰ ਇਕ ਸ਼ਹੀਦ ਦੇ ਰੂਪ ਵਿਚ ਪੇਸ਼ ਕੀਤਾ ਗਿਆ ਅਤੇ ਕਈ ਨੌਜਵਾਨ ਉਹਦੇ ਰਾਹ ਉਤੇ ਤੁਰ ਪਏ। ਸਿੱਖ ਜਨ-ਸਮੂਹ ਵਿਚ ਇਕ ਬੇਗਾਨਗੀ ਦੀ ਭਾਵਨਾ ਪੈਦਾ ਹੋ ਗਈ ਅਤੇ ਉਹਨਾਂ ਨੂੰ ਲੱਗਿਆ ਕਿ ਸਰਕਾਰ ਨੇ ਉਹਨਾਂ ਦੇ ਸਭ ਤੋਂ ਪਵਿੱਤਰ ਅਸਥਾਨ ਉਤੇ ਹਮਲਾ ਕਰਕੇ ਉਹਨਾਂ ਦੇ ਦਿਲਾਂ ਨੂੰ ਠੇਸ ਪਹੁੰਚਾਈ ਹੈ। ਇਸ ਭਾਵਨਾ ਨੂੰ ਦੂਰ ਕਰਨ ਲਈ ਸਰਕਾਰ ਨੂੰ ਬਹੁਤ ਸਾਰੇ ਕਦਮ ਚੁੱਕਣੇ ਪਏ ਅਤੇ ਲੋਕਾਂ ਦਾ ਵਿਸ਼ਵਾਸ ਜਿੱਤਣ ਲਈ ਕਈ ਉਪਰਾਲੇ ਕੀਤੇ ਗਏ। ਸਮੇਂ ਦੇ ਨਾਲ ਨਾਲ, ਕਈ ਲੋਕਾਂ ਨੇ ਇਹ ਗੱਲ ਮਹਿਸੂਸ ਕੀਤੀ ਕਿ ਇਹ ਕਾਰਵਾਈ ਹਾਲਾਤ ਦੀ ਮਜਬੂਰੀ ਸੀ ਅਤੇ ਇਸ ਤੋਂ ਬਿਨਾਂ ਕੋਈ ਹੋਰ ਚਾਰਾ ਨਹੀਂ ਸੀ। ਪਰ ਫਿਰ ਵੀ ਇਸ ਘਟਨਾ ਦੇ ਜ਼ਖ਼ਮ ਅੱਜ ਤੱਕ ਪੂਰੀ ਤਰ੍ਹਾਂ ਭਰੇ ਨਹੀਂ ਹਨ।

"ਇੱਜ਼ਤ ਤੇ ਕਰਤੱਵ"

ਫ਼ੌਜ ਦੇ ਪਵਿੱਤਰ ਧਰਮ-ਅਸਥਾਨ ਵਿਚ ਦਾਖ਼ਲ ਹੋਣ ਲਈ ਸਰਕਾਰ ਦੇ ਆਦੇਸ਼ਾਂ ਦੀ ਉਚਿਤਤਾ ਬਾਰੇ ਸਵਾਲ ਅਕਸਰ ਪੁੱਛਿਆ ਜਾਂਦਾ ਹੈ ਕਿ ਇਸ ਸਬੰਧੀ, ਸੈਨਾਈ ਸਾਮਹਣਾ ਕਿ ਕਈ ਜੇਹੇ ਅਤੇ ਧਰਮ ਦੀ ਵਿਚਾਰਧਾਰਾ ਹੋਣੇ ਚਾਹੀਦੀ ਹੈ ਕਿ ਬਣਾਈ ਗਈ ਨਾਲ ਤਸਵੀਰਾਂ ਦੀ ਕਾਰਵਾਈ ਕਰਨ ਦੇ ਨਾਲ ਨਾਲ, ਸੈਨਾ ਨੂੰ ਇਸ ਗੱਲ ਦਾ ਪੂਰਾ ਧਿਆਨ ਰੱਖਣਾ ਪਿਆ ਕਿ ਧਰਮ-ਅਸਥਾਨ ਦੀ ਪਵਿੱਤਰਤਾ ਨੂੰ ਘੱਟ ਤੋਂ ਘੱਟ ਨੁਕਸਾਨ ਪਹੁੰਚੇ।

187
